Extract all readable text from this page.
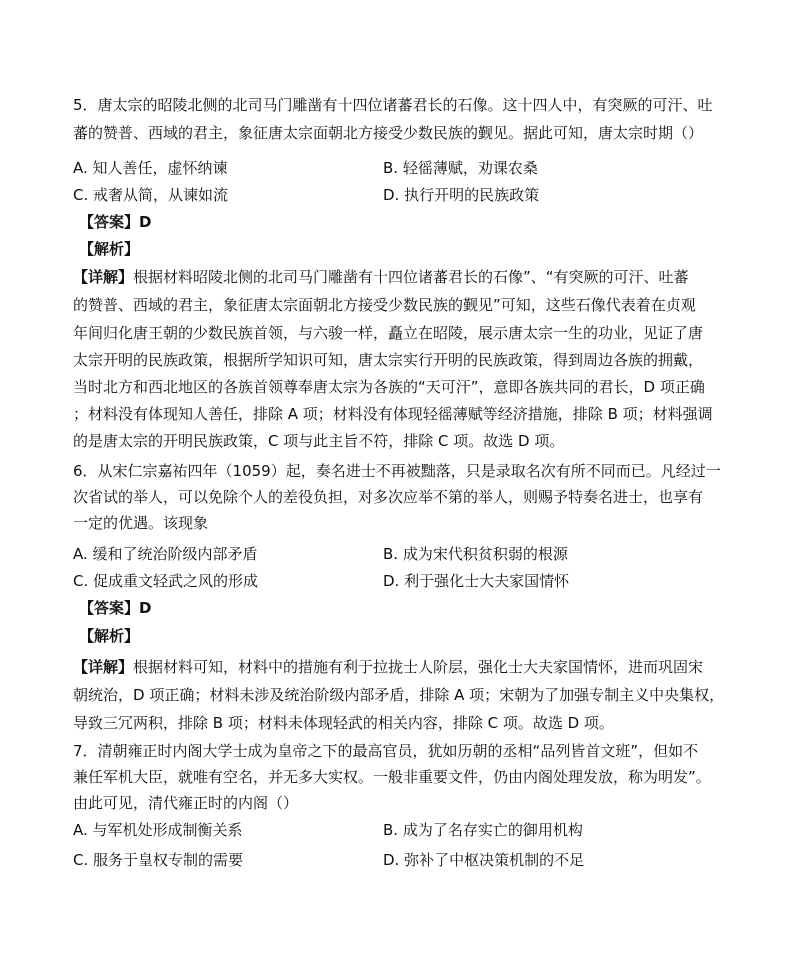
5．唐太宗的昭陵北侧的北司马门雕凿有十四位诸蕃君长的石像。这十四人中，有突厥的可汗、吐
蕃的赞普、西域的君主，象征唐太宗面朝北方接受少数民族的觐见。据此可知，唐太宗时期（）
A. 知人善任，虚怀纳谏	B. 轻徭薄赋，劝课农桑
C. 戒奢从简，从谏如流	D. 执行开明的民族政策
【答案】D
【解析】
【详解】根据材料昭陵北侧的北司马门雕凿有十四位诸蕃君长的石像”、“有突厥的可汗、吐蕃
的赞普、西域的君主，象征唐太宗面朝北方接受少数民族的觐见”可知，这些石像代表着在贞观
年间归化唐王朝的少数民族首领，与六骏一样，矗立在昭陵，展示唐太宗一生的功业，见证了唐
太宗开明的民族政策，根据所学知识可知，唐太宗实行开明的民族政策，得到周边各族的拥戴，
当时北方和西北地区的各族首领尊奉唐太宗为各族的“天可汗”，意即各族共同的君长，D 项正确
；材料没有体现知人善任，排除 A 项；材料没有体现轻徭薄赋等经济措施，排除 B 项；材料强调
的是唐太宗的开明民族政策，C 项与此主旨不符，排除 C 项。故选 D 项。
6．从宋仁宗嘉祐四年（1059）起，奏名进士不再被黜落，只是录取名次有所不同而已。凡经过一
次省试的举人，可以免除个人的差役负担，对多次应举不第的举人，则赐予特奏名进士，也享有
一定的优遇。该现象
A. 缓和了统治阶级内部矛盾	B. 成为宋代积贫积弱的根源
C. 促成重文轻武之风的形成	D. 利于强化士大夫家国情怀
【答案】D
【解析】
【详解】根据材料可知，材料中的措施有利于拉拢士人阶层，强化士大夫家国情怀，进而巩固宋
朝统治，D 项正确；材料未涉及统治阶级内部矛盾，排除 A 项；宋朝为了加强专制主义中央集权，
导致三冗两积，排除 B 项；材料未体现轻武的相关内容，排除 C 项。故选 D 项。
7．清朝雍正时内阁大学士成为皇帝之下的最高官员，犹如历朝的丞相“品列皆首文班”，但如不
兼任军机大臣，就唯有空名，并无多大实权。一般非重要文件，仍由内阁处理发放，称为明发”。
由此可见，清代雍正时的内阁（）
A. 与军机处形成制衡关系	B. 成为了名存实亡的御用机构
C. 服务于皇权专制的需要	D. 弥补了中枢决策机制的不足
